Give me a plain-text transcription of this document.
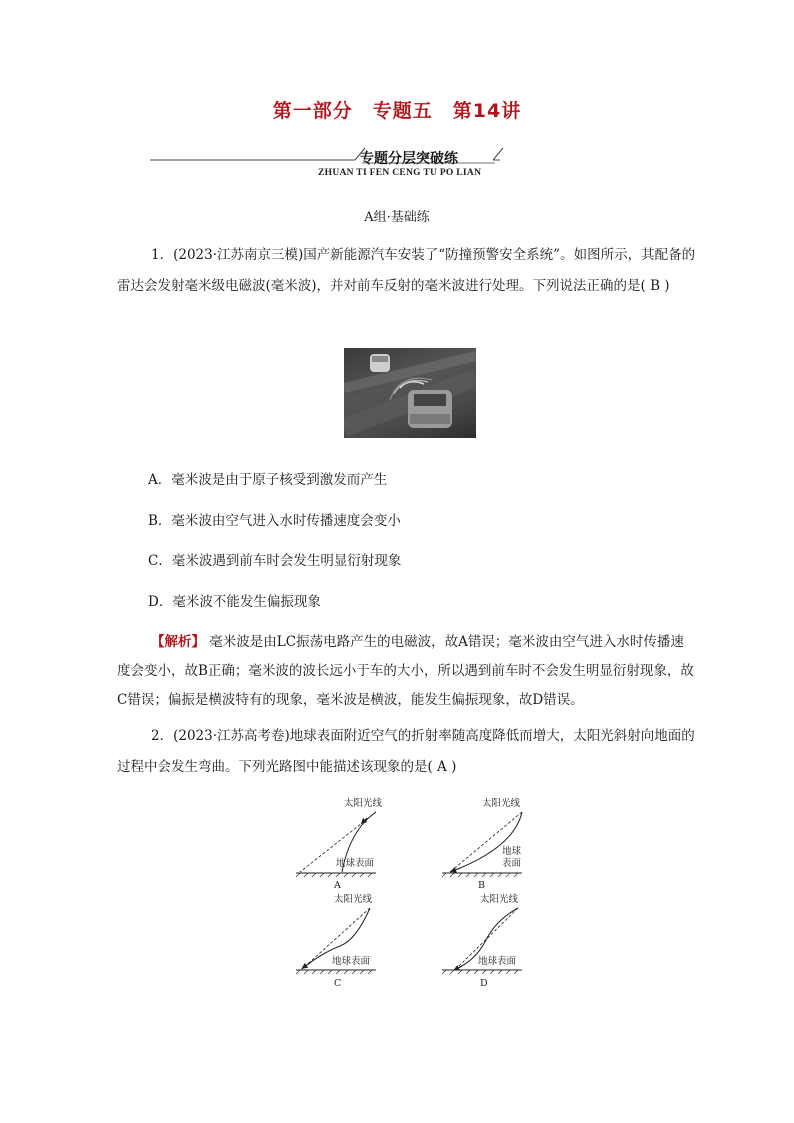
第一部分　专题五　第14讲
专题分层突破练
ZHUAN TI FEN CENG TU PO LIAN
A组·基础练
1．(2023·江苏南京三模)国产新能源汽车安装了“防撞预警安全系统”。如图所示，其配备的雷达会发射毫米级电磁波(毫米波)，并对前车反射的毫米波进行处理。下列说法正确的是( B )
A．毫米波是由于原子核受到激发而产生
B．毫米波由空气进入水时传播速度会变小
C．毫米波遇到前车时会发生明显衍射现象
D．毫米波不能发生偏振现象
【解析】 毫米波是由LC振荡电路产生的电磁波，故A错误；毫米波由空气进入水时传播速度会变小，故B正确；毫米波的波长远小于车的大小，所以遇到前车时不会发生明显衍射现象，故C错误；偏振是横波特有的现象，毫米波是横波，能发生偏振现象，故D错误。
2．(2023·江苏高考卷)地球表面附近空气的折射率随高度降低而增大，太阳光斜射向地面的过程中会发生弯曲。下列光路图中能描述该现象的是( A )
太阳光线
地球表面
A
太阳光线
地球
表面
B
太阳光线
地球表面
C
太阳光线
地球表面
D
